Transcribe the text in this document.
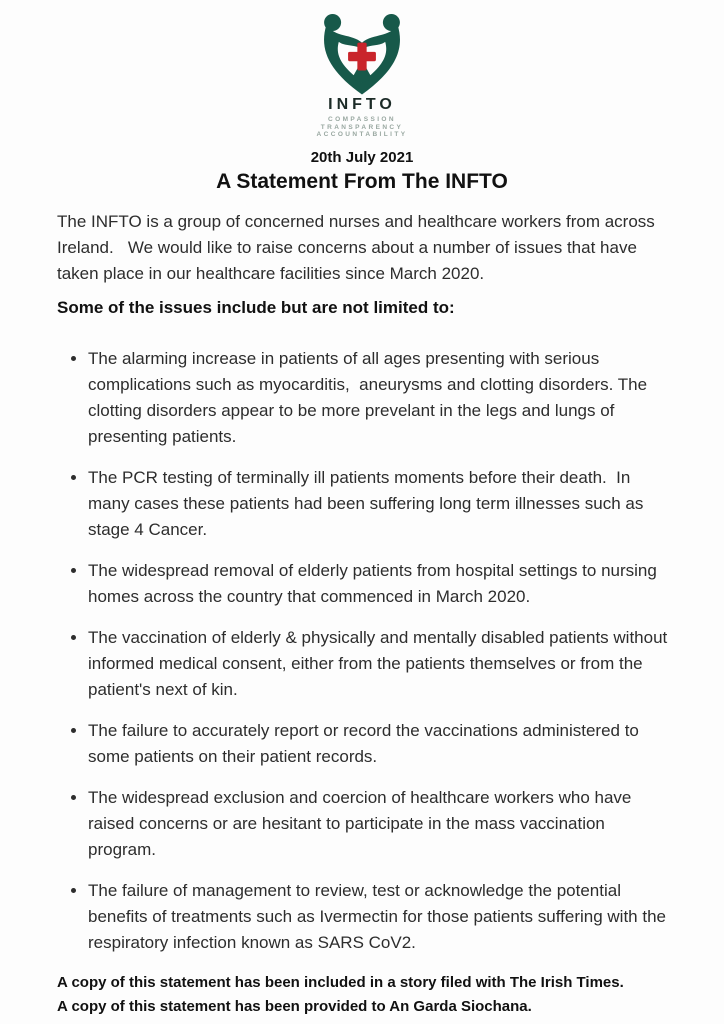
INFTO
COMPASSION
TRANSPARENCY
ACCOUNTABILITY
20th July 2021
A Statement From The INFTO
The INFTO is a group of concerned nurses and healthcare workers from across Ireland.   We would like to raise concerns about a number of issues that have taken place in our healthcare facilities since March 2020.
Some of the issues include but are not limited to:
• The alarming increase in patients of all ages presenting with serious complications such as myocarditis,  aneurysms and clotting disorders. The clotting disorders appear to be more prevelant in the legs and lungs of presenting patients.
• The PCR testing of terminally ill patients moments before their death.  In many cases these patients had been suffering long term illnesses such as stage 4 Cancer.
• The widespread removal of elderly patients from hospital settings to nursing homes across the country that commenced in March 2020.
• The vaccination of elderly & physically and mentally disabled patients without informed medical consent, either from the patients themselves or from the patient's next of kin.
• The failure to accurately report or record the vaccinations administered to some patients on their patient records.
• The widespread exclusion and coercion of healthcare workers who have raised concerns or are hesitant to participate in the mass vaccination program.
• The failure of management to review, test or acknowledge the potential benefits of treatments such as Ivermectin for those patients suffering with the respiratory infection known as SARS CoV2.
A copy of this statement has been included in a story filed with The Irish Times.
A copy of this statement has been provided to An Garda Siochana.
